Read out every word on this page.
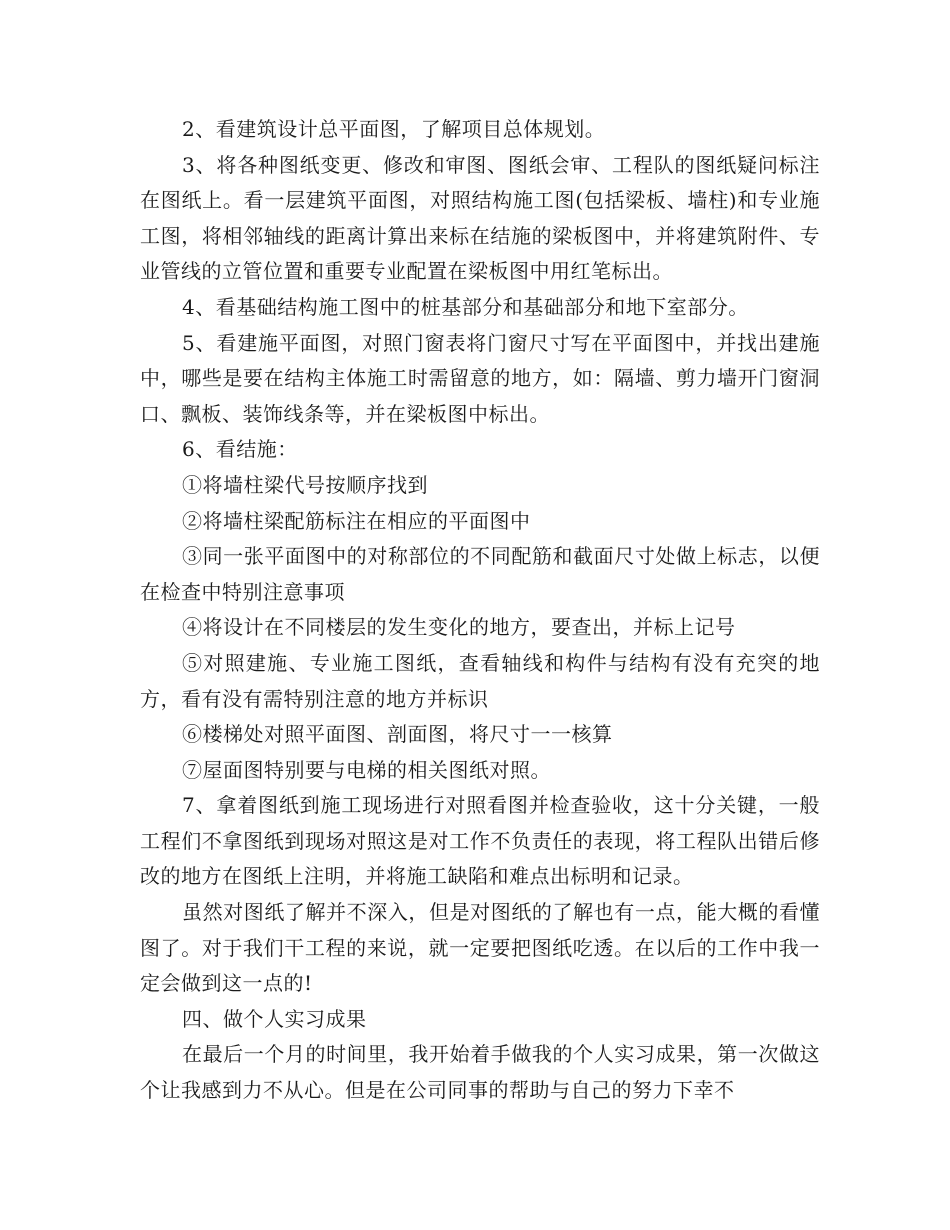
2、看建筑设计总平面图，了解项目总体规划。

3、将各种图纸变更、修改和审图、图纸会审、工程队的图纸疑问标注在图纸上。看一层建筑平面图，对照结构施工图(包括梁板、墙柱)和专业施工图，将相邻轴线的距离计算出来标在结施的梁板图中，并将建筑附件、专业管线的立管位置和重要专业配置在梁板图中用红笔标出。

4、看基础结构施工图中的桩基部分和基础部分和地下室部分。

5、看建施平面图，对照门窗表将门窗尺寸写在平面图中，并找出建施中，哪些是要在结构主体施工时需留意的地方，如：隔墙、剪力墙开门窗洞口、飘板、装饰线条等，并在梁板图中标出。

6、看结施：

①将墙柱梁代号按顺序找到

②将墙柱梁配筋标注在相应的平面图中

③同一张平面图中的对称部位的不同配筋和截面尺寸处做上标志，以便在检查中特别注意事项

④将设计在不同楼层的发生变化的地方，要查出，并标上记号

⑤对照建施、专业施工图纸，查看轴线和构件与结构有没有充突的地方，看有没有需特别注意的地方并标识

⑥楼梯处对照平面图、剖面图，将尺寸一一核算

⑦屋面图特别要与电梯的相关图纸对照。

7、拿着图纸到施工现场进行对照看图并检查验收，这十分关键，一般工程们不拿图纸到现场对照这是对工作不负责任的表现，将工程队出错后修改的地方在图纸上注明，并将施工缺陷和难点出标明和记录。

虽然对图纸了解并不深入，但是对图纸的了解也有一点，能大概的看懂图了。对于我们干工程的来说，就一定要把图纸吃透。在以后的工作中我一定会做到这一点的!

四、做个人实习成果

在最后一个月的时间里，我开始着手做我的个人实习成果，第一次做这个让我感到力不从心。但是在公司同事的帮助与自己的努力下幸不
